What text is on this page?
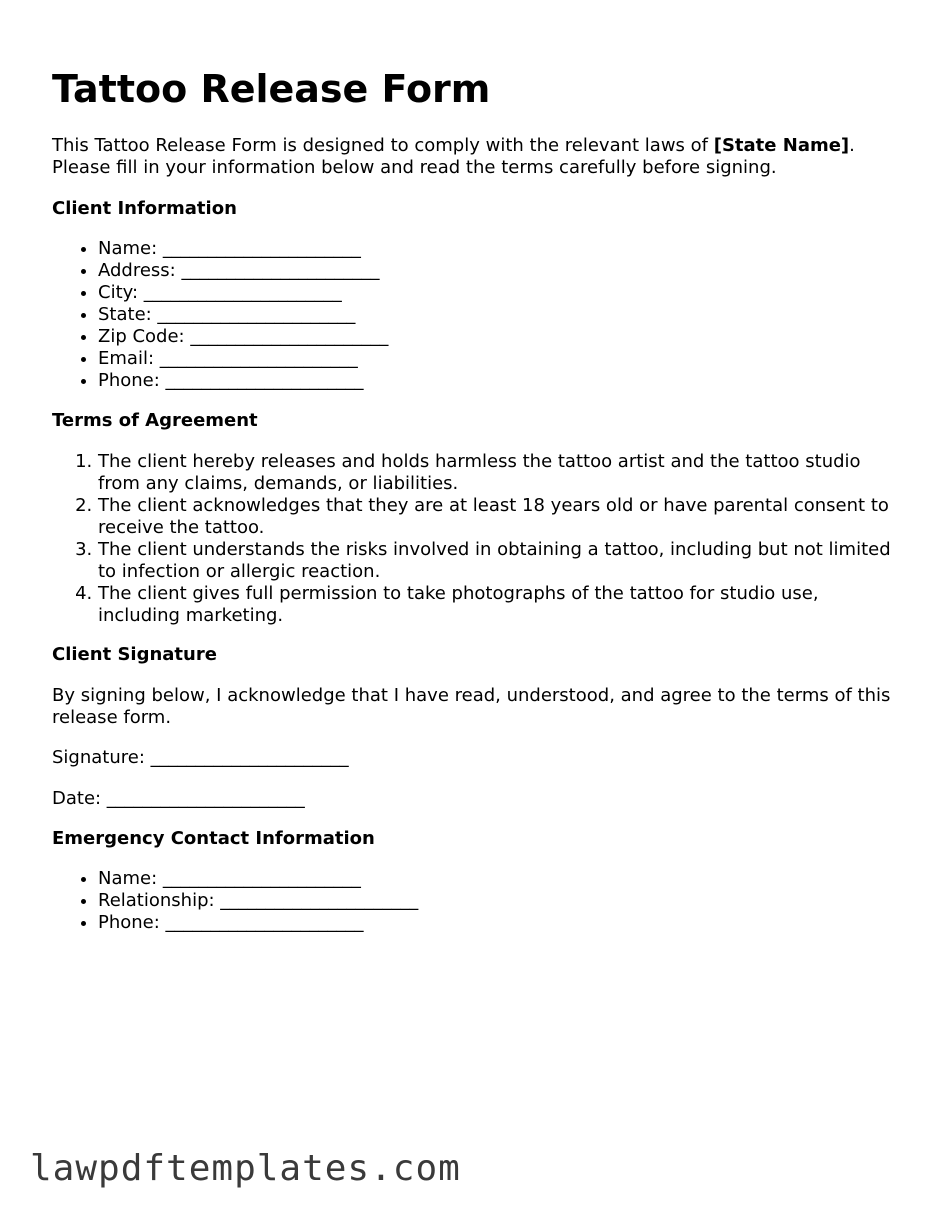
Tattoo Release Form

This Tattoo Release Form is designed to comply with the relevant laws of [State Name].
Please fill in your information below and read the terms carefully before signing.

Client Information
• Name: ______________________
• Address: ______________________
• City: ______________________
• State: ______________________
• Zip Code: ______________________
• Email: ______________________
• Phone: ______________________
Terms of Agreement
1. The client hereby releases and holds harmless the tattoo artist and the tattoo studio from any claims, demands, or liabilities.
2. The client acknowledges that they are at least 18 years old or have parental consent to receive the tattoo.
3. The client understands the risks involved in obtaining a tattoo, including but not limited to infection or allergic reaction.
4. The client gives full permission to take photographs of the tattoo for studio use, including marketing.
Client Signature

By signing below, I acknowledge that I have read, understood, and agree to the terms of this release form.

Signature: ______________________

Date: ______________________

Emergency Contact Information
• Name: ______________________
• Relationship: ______________________
• Phone: ______________________
lawpdftemplates.com
